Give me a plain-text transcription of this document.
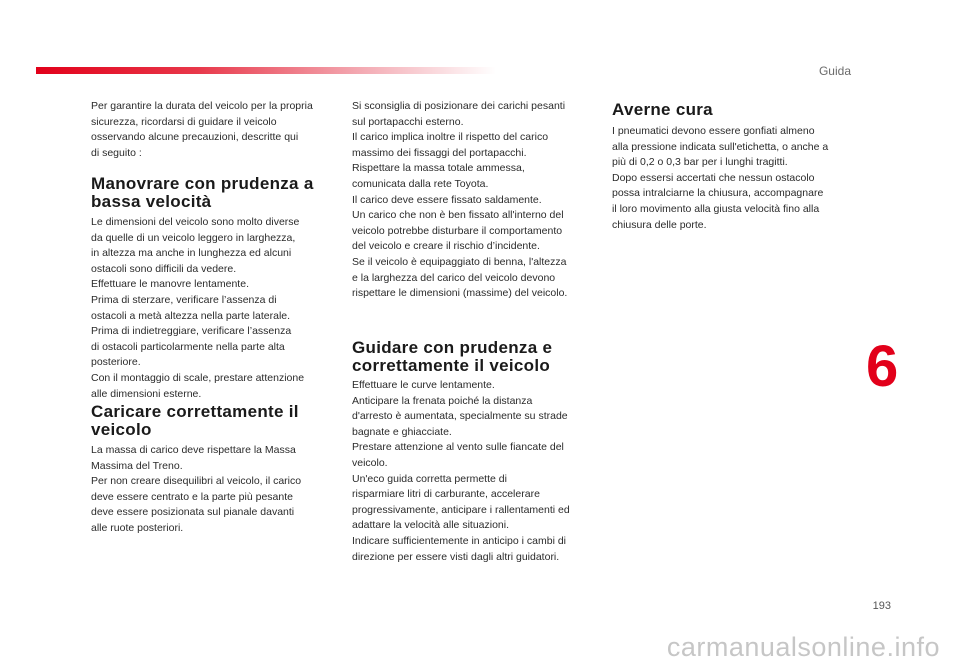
Guida

Per garantire la durata del veicolo per la propria
sicurezza, ricordarsi di guidare il veicolo
osservando alcune precauzioni, descritte qui
di seguito :

Manovrare con prudenza a
bassa velocità

Le dimensioni del veicolo sono molto diverse
da quelle di un veicolo leggero in larghezza,
in altezza ma anche in lunghezza ed alcuni
ostacoli sono difficili da vedere.
Effettuare le manovre lentamente.
Prima di sterzare, verificare l’assenza di
ostacoli a metà altezza nella parte laterale.
Prima di indietreggiare, verificare l’assenza
di ostacoli particolarmente nella parte alta
posteriore.
Con il montaggio di scale, prestare attenzione
alle dimensioni esterne.

Caricare correttamente il
veicolo

La massa di carico deve rispettare la Massa
Massima del Treno.
Per non creare disequilibri al veicolo, il carico
deve essere centrato e la parte più pesante
deve essere posizionata sul pianale davanti
alle ruote posteriori.

Si sconsiglia di posizionare dei carichi pesanti
sul portapacchi esterno.
Il carico implica inoltre il rispetto del carico
massimo dei fissaggi del portapacchi.
Rispettare la massa totale ammessa,
comunicata dalla rete Toyota.
Il carico deve essere fissato saldamente.
Un carico che non è ben fissato all'interno del
veicolo potrebbe disturbare il comportamento
del veicolo e creare il rischio d’incidente.
Se il veicolo è equipaggiato di benna, l'altezza
e la larghezza del carico del veicolo devono
rispettare le dimensioni (massime) del veicolo.

Guidare con prudenza e
correttamente il veicolo

Effettuare le curve lentamente.
Anticipare la frenata poiché la distanza
d'arresto è aumentata, specialmente su strade
bagnate e ghiacciate.
Prestare attenzione al vento sulle fiancate del
veicolo.
Un'eco guida corretta permette di
risparmiare litri di carburante, accelerare
progressivamente, anticipare i rallentamenti ed
adattare la velocità alle situazioni.
Indicare sufficientemente in anticipo i cambi di
direzione per essere visti dagli altri guidatori.

Averne cura

I pneumatici devono essere gonfiati almeno
alla pressione indicata sull'etichetta, o anche a
più di 0,2 o 0,3 bar per i lunghi tragitti.
Dopo essersi accertati che nessun ostacolo
possa intralciarne la chiusura, accompagnare
il loro movimento alla giusta velocità fino alla
chiusura delle porte.

6
193
carmanualsonline.info
